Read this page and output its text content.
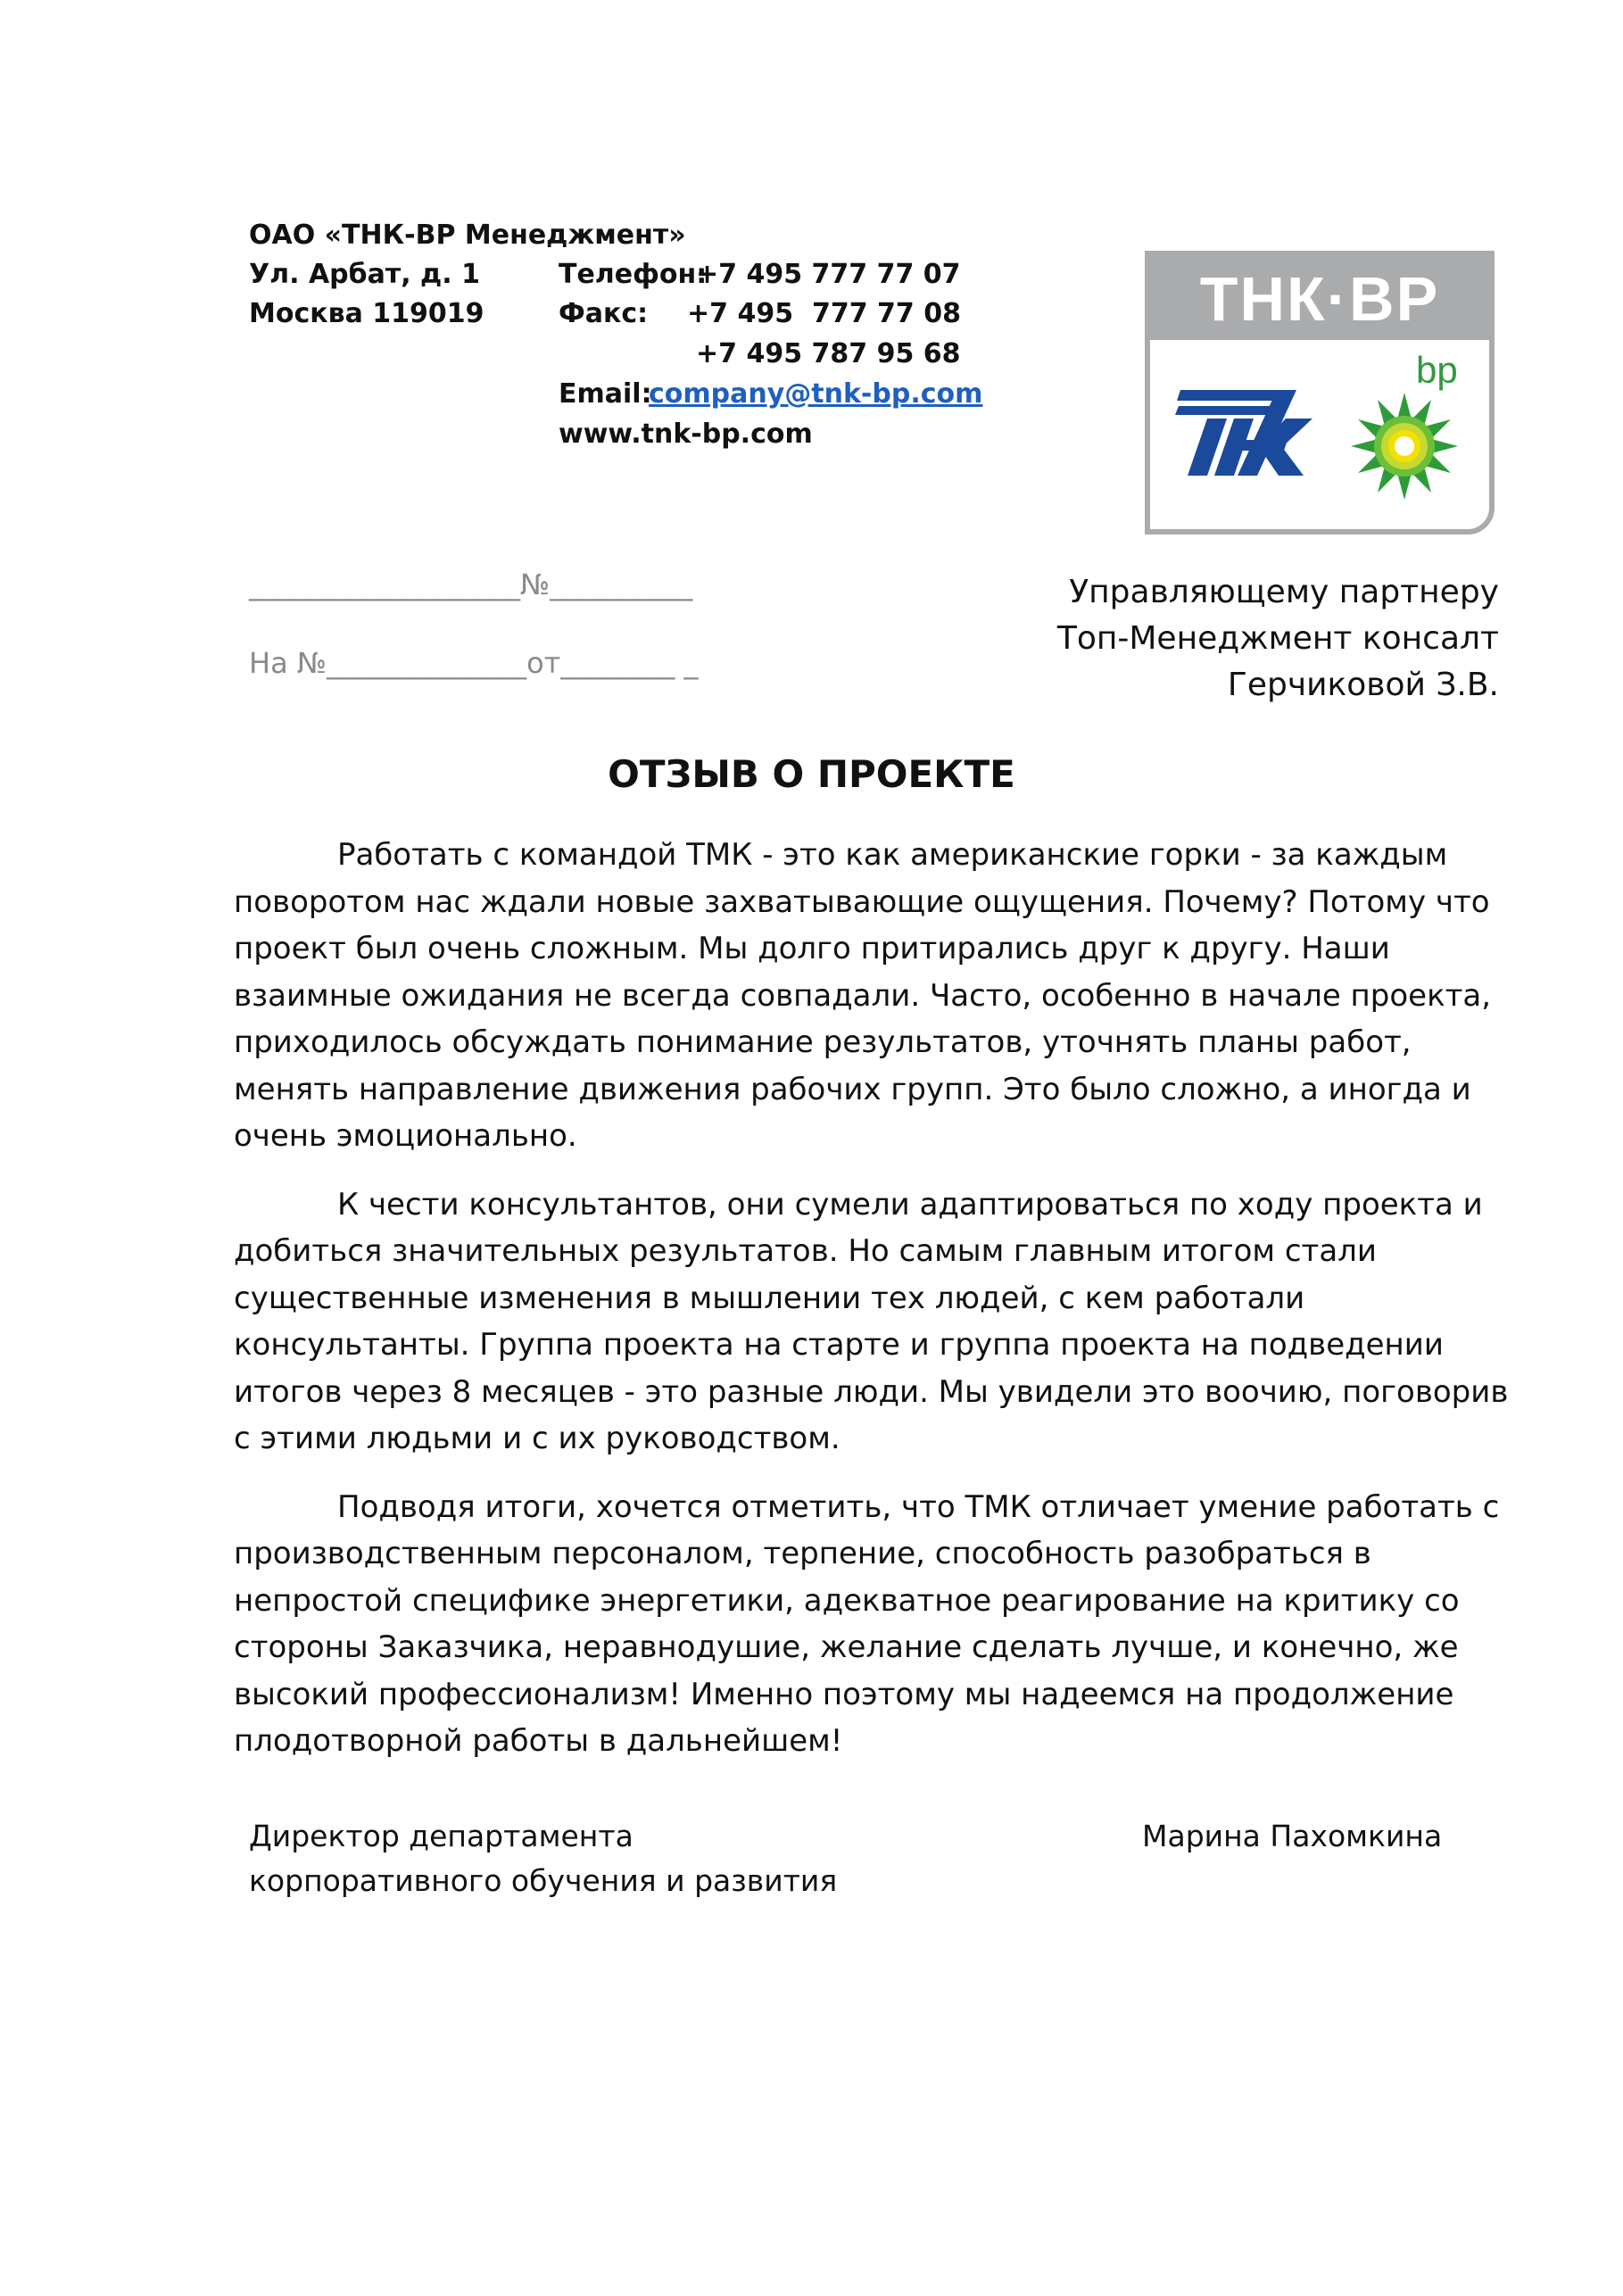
ОАО «ТНК-ВР Менеджмент»
Ул. Арбат, д. 1
Москва 119019
Телефон:
+7 495 777 77 07
Факс: +7 495  777 77 08
+7 495 787 95 68
Email:
company@tnk-bp.com
www.tnk-bp.com
ТНК·ВР
ТНК	bp
___________________№__________
На №______________от________ _
Управляющему партнеру
Топ-Менеджмент консалт
Герчиковой З.В.
ОТЗЫВ О ПРОЕКТЕ

Работать с командой ТМК - это как американские горки - за каждым поворотом нас ждали новые захватывающие ощущения. Почему? Потому что проект был очень сложным. Мы долго притирались друг к другу. Наши взаимные ожидания не всегда совпадали. Часто, особенно в начале проекта, приходилось обсуждать понимание результатов, уточнять планы работ, менять направление движения рабочих групп. Это было сложно, а иногда и очень эмоционально.

К чести консультантов, они сумели адаптироваться по ходу проекта и добиться значительных результатов. Но самым главным итогом стали существенные изменения в мышлении тех людей, с кем работали консультанты. Группа проекта на старте и группа проекта на подведении итогов через 8 месяцев - это разные люди. Мы увидели это воочию, поговорив с этими людьми и с их руководством.

Подводя итоги, хочется отметить, что ТМК отличает умение работать с производственным персоналом, терпение, способность разобраться в непростой специфике энергетики, адекватное реагирование на критику со стороны Заказчика, неравнодушие, желание сделать лучше, и конечно, же высокий профессионализм! Именно поэтому мы надеемся на продолжение плодотворной работы в дальнейшем!

Директор департамента
корпоративного обучения и развития
Марина Пахомкина
